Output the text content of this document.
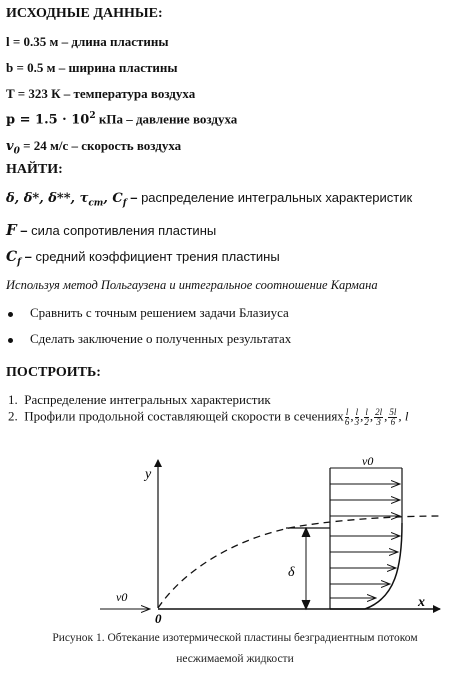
ИСХОДНЫЕ ДАННЫЕ:
l = 0.35 м – длина пластины
b = 0.5 м – ширина пластины
T = 323 К – температура воздуха
$p = 1.5 \cdot 10^2$ кПа – давление воздуха
$v_0 = 24$ м/с – скорость воздуха
НАЙТИ:
δ, δ*, δ**, $\tau_{ст}$, $C_f$ – распределение интегральных характеристик
F – сила сопротивления пластины
$C_f$ – средний коэффициент трения пластины
Используя метод Польгаузена и интегральное соотношение Кармана
Сравнить с точным решением задачи Блазиуса
Сделать заключение о полученных результатах
ПОСТРОИТЬ:
1. Распределение интегральных характеристик
2. Профили продольной составляющей скорости в сечениях $\frac{l}{6}$ , $\frac{l}{3}$ , $\frac{l}{2}$ , $\frac{2l}{3}$ , $\frac{5l}{6}$ , l
y
x
0
v0
v0
δ
Рисунок 1. Обтекание изотермической пластины безградиентным потоком
несжимаемой жидкости
